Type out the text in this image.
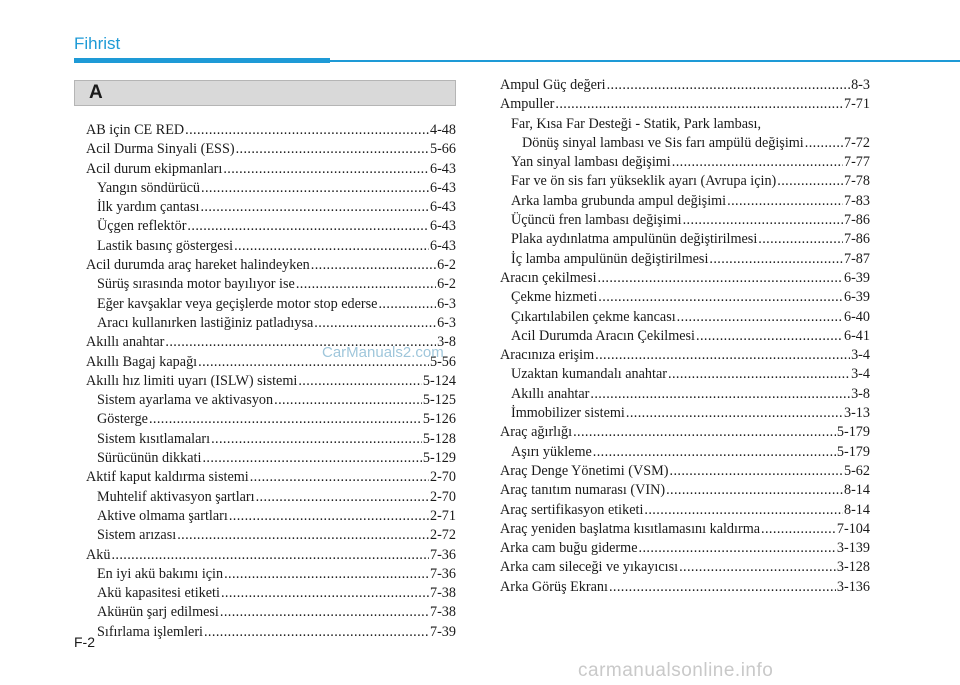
Fihrist
A
AB için CE RED .....	4-48
Acil Durma Sinyali (ESS) .....	5-66
Acil durum ekipmanları .....	6-43
Yangın söndürücü .....	6-43
İlk yardım çantası .....	6-43
Üçgen reflektör .....	6-43
Lastik basınç göstergesi .....	6-43
Acil durumda araç hareket halindeyken .....	6-2
Sürüş sırasında motor bayılıyor ise .....	6-2
Eğer kavşaklar veya geçişlerde motor stop ederse .....	6-3
Aracı kullanırken lastiğiniz patladıysa .....	6-3
Akıllı anahtar .....	3-8
Akıllı Bagaj kapağı .....	5-56
Akıllı hız limiti uyarı (ISLW) sistemi .....	5-124
Sistem ayarlama ve aktivasyon .....	5-125
Gösterge .....	5-126
Sistem kısıtlamaları .....	5-128
Sürücünün dikkati .....	5-129
Aktif kaput kaldırma sistemi .....	2-70
Muhtelif aktivasyon şartları .....	2-70
Aktive olmama şartları .....	2-71
Sistem arızası .....	2-72
Akü .....	7-36
En iyi akü bakımı için .....	7-36
Akü kapasitesi etiketi .....	7-38
Aküнün şarj edilmesi .....	7-38
Sıfırlama işlemleri .....	7-39
Ampul Güç değeri .....	8-3
Ampuller .....	7-71
Far, Kısa Far Desteği - Statik, Park lambası,
Dönüş sinyal lambası ve Sis farı ampülü değişimi .....	7-72
Yan sinyal lambası değişimi .....	7-77
Far ve ön sis farı yükseklik ayarı (Avrupa için) .....	7-78
Arka lamba grubunda ampul değişimi .....	7-83
Üçüncü fren lambası değişimi .....	7-86
Plaka aydınlatma ampulünün değiştirilmesi .....	7-86
İç lamba ampulünün değiştirilmesi .....	7-87
Aracın çekilmesi .....	6-39
Çekme hizmeti .....	6-39
Çıkartılabilen çekme kancası .....	6-40
Acil Durumda Aracın Çekilmesi .....	6-41
Aracınıza erişim .....	3-4
Uzaktan kumandalı anahtar .....	3-4
Akıllı anahtar .....	3-8
İmmobilizer sistemi .....	3-13
Araç ağırlığı .....	5-179
Aşırı yükleme .....	5-179
Araç Denge Yönetimi (VSM) .....	5-62
Araç tanıtım numarası (VIN) .....	8-14
Araç sertifikasyon etiketi .....	8-14
Araç yeniden başlatma kısıtlamasını kaldırma .....	7-104
Arka cam buğu giderme .....	3-139
Arka cam sileceği ve yıkayıcısı .....	3-128
Arka Görüş Ekranı .....	3-136
CarManuals2.com
carmanualsonline.info
F-2
